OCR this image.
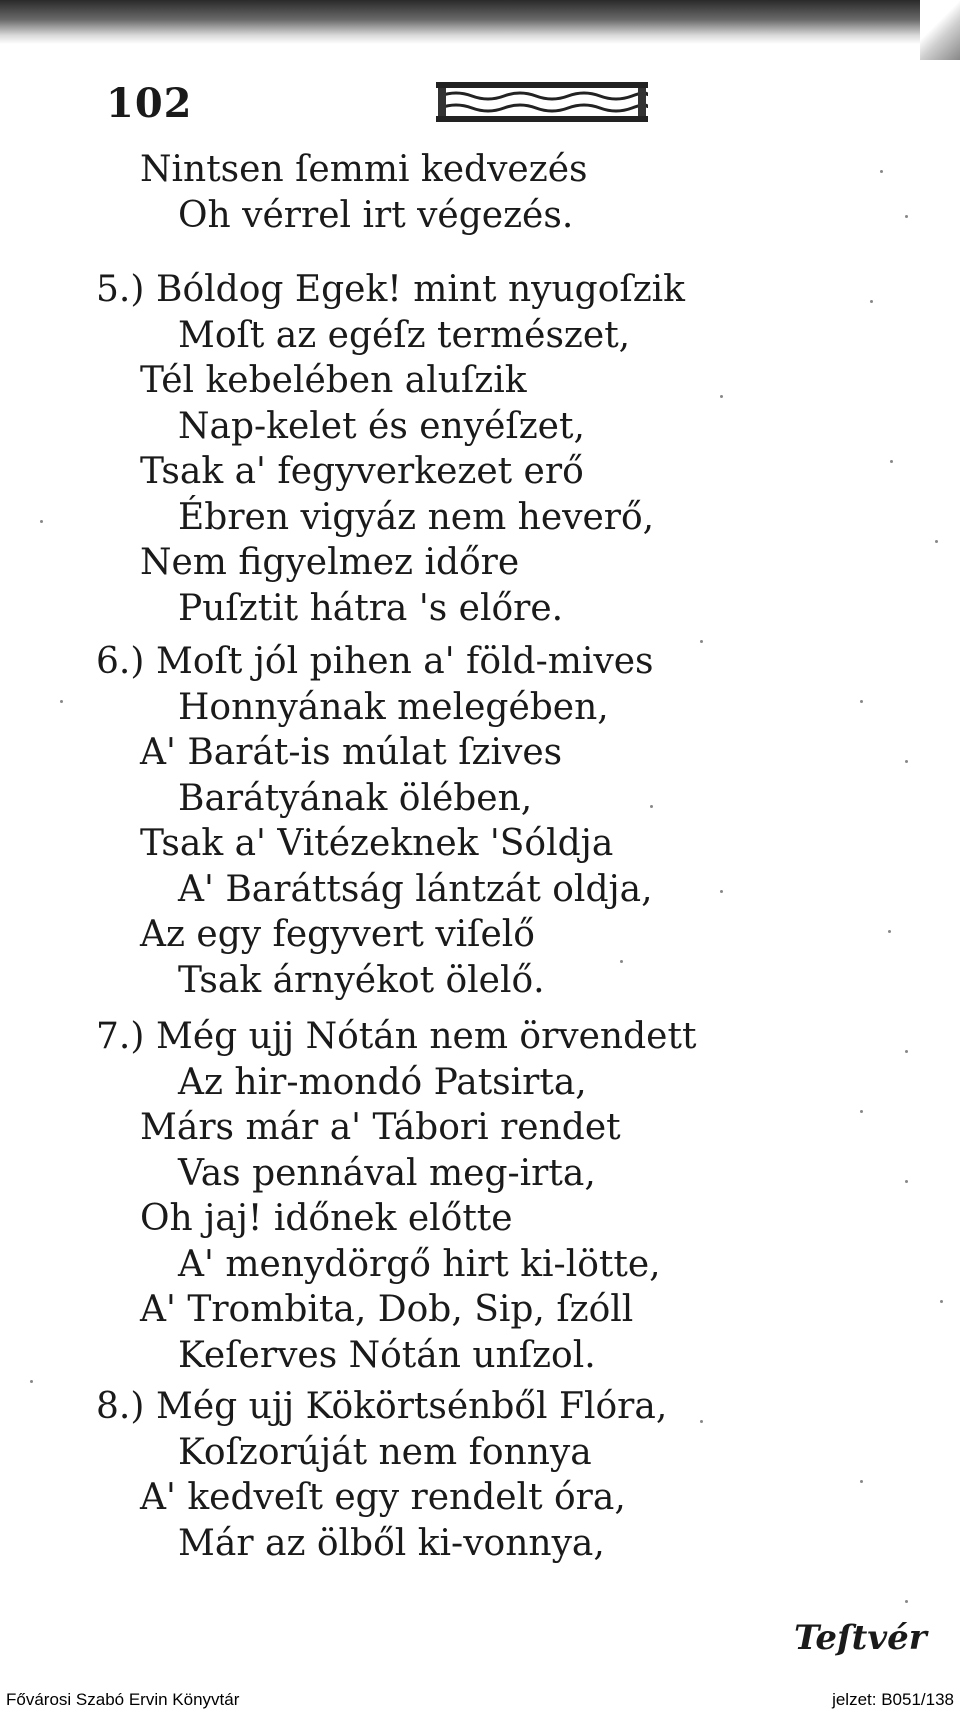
102
Nintsen ſemmi kedvezés
Oh vérrel irt végezés.
5.) Bóldog Egek! mint nyugoſzik
Moſt az egéſz természet,
Tél kebelében aluſzik
Nap-kelet és enyéſzet,
Tsak a' fegyverkezet erő
Ébren vigyáz nem heverő,
Nem figyelmez időre
Puſztit hátra 's előre.
6.) Moſt jól pihen a' föld-mives
Honnyának melegében,
A' Barát-is múlat ſzives
Barátyának ölében,
Tsak a' Vitézeknek 'Sóldja
A' Baráttság lántzát oldja,
Az egy fegyvert viſelő
Tsak árnyékot ölelő.
7.) Még ujj Nótán nem örvendett
Az hir-mondó Patsirta,
Márs már a' Tábori rendet
Vas pennával meg-irta,
Oh jaj! időnek előtte
A' menydörgő hirt ki-lötte,
A' Trombita, Dob, Sip, ſzóll
Keſerves Nótán unſzol.
8.) Még ujj Kökörtsénből Flóra,
Koſzorúját nem fonnya
A' kedveſt egy rendelt óra,
Már az ölből ki-vonnya,
Teſtvér
Fővárosi Szabó Ervin Könyvtár	jelzet: B051/138
